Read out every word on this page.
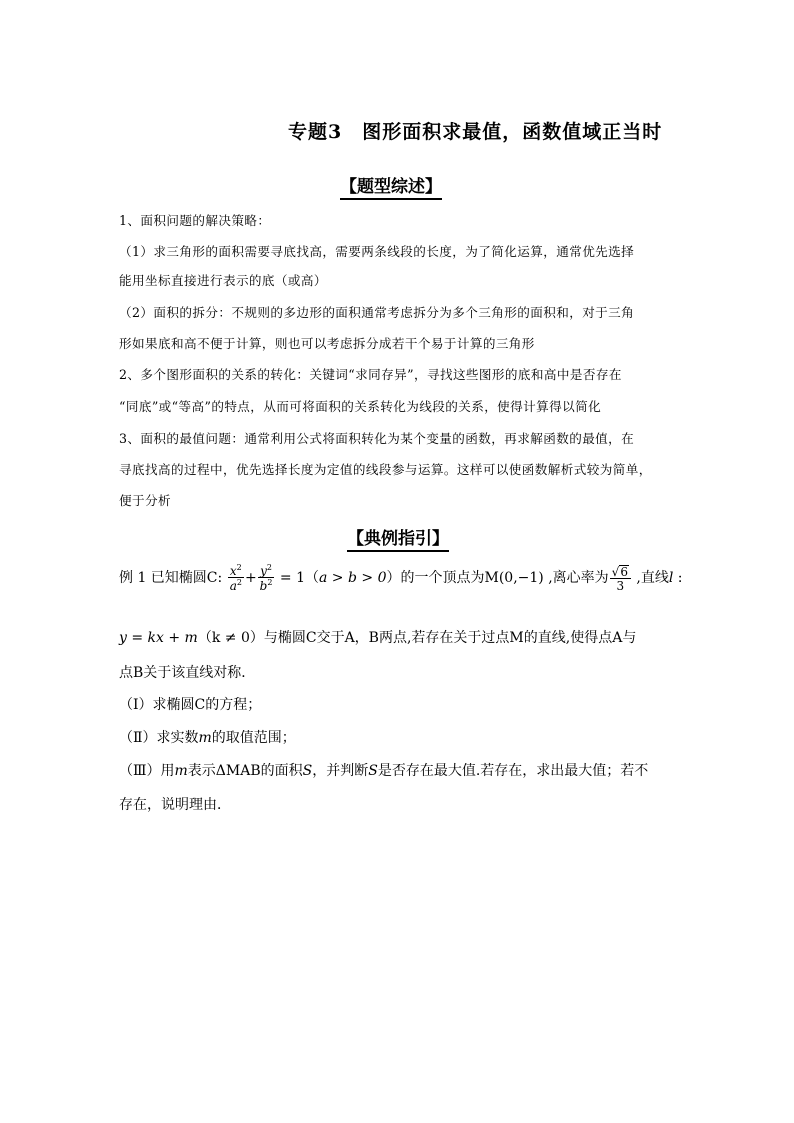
专题3　图形面积求最值，函数值域正当时
【题型综述】
1、面积问题的解决策略：
（1）求三角形的面积需要寻底找高，需要两条线段的长度，为了简化运算，通常优先选择
能用坐标直接进行表示的底（或高）
（2）面积的拆分：不规则的多边形的面积通常考虑拆分为多个三角形的面积和，对于三角
形如果底和高不便于计算，则也可以考虑拆分成若干个易于计算的三角形
2、多个图形面积的关系的转化：关键词“求同存异”，寻找这些图形的底和高中是否存在
“同底”或“等高”的特点，从而可将面积的关系转化为线段的关系，使得计算得以简化
3、面积的最值问题：通常利用公式将面积转化为某个变量的函数，再求解函数的最值，在
寻底找高的过程中，优先选择长度为定值的线段参与运算。这样可以使函数解析式较为简单，
便于分析
【典例指引】
例 1 已知椭圆C: $\frac{x^2}{a^2} + \frac{y^2}{b^2} = 1(a > b > 0)$的一个顶点为M(0,−1) ,离心率为 $\frac{√6}{3}$ ,直线l :
y = kx + m（k ≠ 0）与椭圆C交于A，B两点,若存在关于过点M的直线,使得点A与
点B关于该直线对称．
（Ⅰ）求椭圆C的方程；
（Ⅱ）求实数m的取值范围；
（Ⅲ）用m表示ΔMAB的面积S，并判断S是否存在最大值.若存在，求出最大值；若不
存在，说明理由．
